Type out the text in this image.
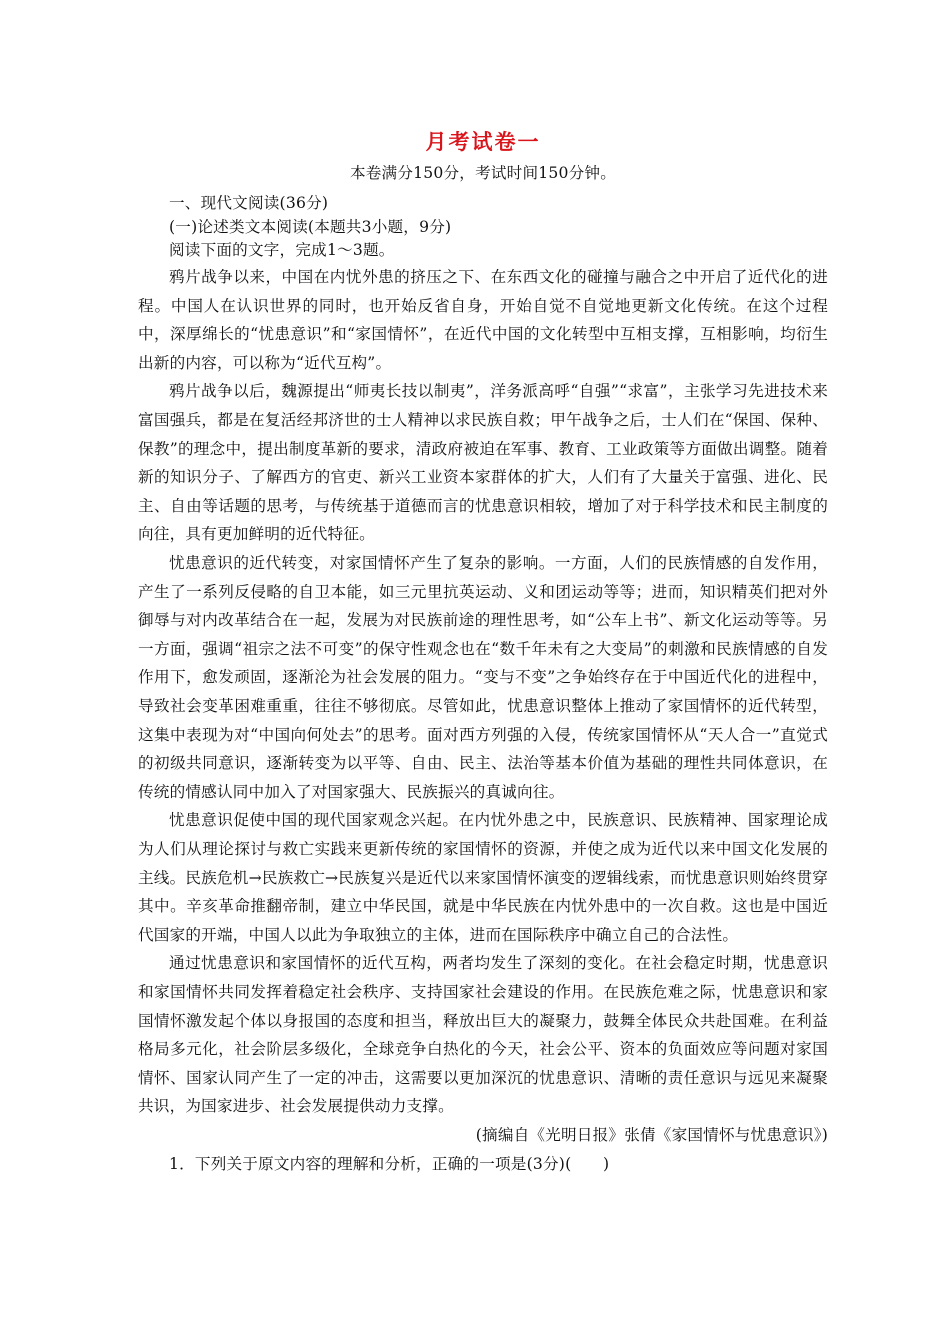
月考试卷一
本卷满分150分，考试时间150分钟。

一、现代文阅读(36分)

(一)论述类文本阅读(本题共3小题，9分)

阅读下面的文字，完成1～3题。

鸦片战争以来，中国在内忧外患的挤压之下、在东西文化的碰撞与融合之中开启了近代化的进程。中国人在认识世界的同时，也开始反省自身，开始自觉不自觉地更新文化传统。在这个过程中，深厚绵长的“忧患意识”和“家国情怀”，在近代中国的文化转型中互相支撑，互相影响，均衍生出新的内容，可以称为“近代互构”。

鸦片战争以后，魏源提出“师夷长技以制夷”，洋务派高呼“自强”“求富”，主张学习先进技术来富国强兵，都是在复活经邦济世的士人精神以求民族自救；甲午战争之后，士人们在“保国、保种、保教”的理念中，提出制度革新的要求，清政府被迫在军事、教育、工业政策等方面做出调整。随着新的知识分子、了解西方的官吏、新兴工业资本家群体的扩大，人们有了大量关于富强、进化、民主、自由等话题的思考，与传统基于道德而言的忧患意识相较，增加了对于科学技术和民主制度的向往，具有更加鲜明的近代特征。

忧患意识的近代转变，对家国情怀产生了复杂的影响。一方面，人们的民族情感的自发作用，产生了一系列反侵略的自卫本能，如三元里抗英运动、义和团运动等等；进而，知识精英们把对外御辱与对内改革结合在一起，发展为对民族前途的理性思考，如“公车上书”、新文化运动等等。另一方面，强调“祖宗之法不可变”的保守性观念也在“数千年未有之大变局”的刺激和民族情感的自发作用下，愈发顽固，逐渐沦为社会发展的阻力。“变与不变”之争始终存在于中国近代化的进程中，导致社会变革困难重重，往往不够彻底。尽管如此，忧患意识整体上推动了家国情怀的近代转型，这集中表现为对“中国向何处去”的思考。面对西方列强的入侵，传统家国情怀从“天人合一”直觉式的初级共同意识，逐渐转变为以平等、自由、民主、法治等基本价值为基础的理性共同体意识，在传统的情感认同中加入了对国家强大、民族振兴的真诚向往。

忧患意识促使中国的现代国家观念兴起。在内忧外患之中，民族意识、民族精神、国家理论成为人们从理论探讨与救亡实践来更新传统的家国情怀的资源，并使之成为近代以来中国文化发展的主线。民族危机→民族救亡→民族复兴是近代以来家国情怀演变的逻辑线索，而忧患意识则始终贯穿其中。辛亥革命推翻帝制，建立中华民国，就是中华民族在内忧外患中的一次自救。这也是中国近代国家的开端，中国人以此为争取独立的主体，进而在国际秩序中确立自己的合法性。

通过忧患意识和家国情怀的近代互构，两者均发生了深刻的变化。在社会稳定时期，忧患意识和家国情怀共同发挥着稳定社会秩序、支持国家社会建设的作用。在民族危难之际，忧患意识和家国情怀激发起个体以身报国的态度和担当，释放出巨大的凝聚力，鼓舞全体民众共赴国难。在利益格局多元化，社会阶层多级化，全球竞争白热化的今天，社会公平、资本的负面效应等问题对家国情怀、国家认同产生了一定的冲击，这需要以更加深沉的忧患意识、清晰的责任意识与远见来凝聚共识，为国家进步、社会发展提供动力支撑。

(摘编自《光明日报》张倩《家国情怀与忧患意识》)

1．下列关于原文内容的理解和分析，正确的一项是(3分)(　　)
